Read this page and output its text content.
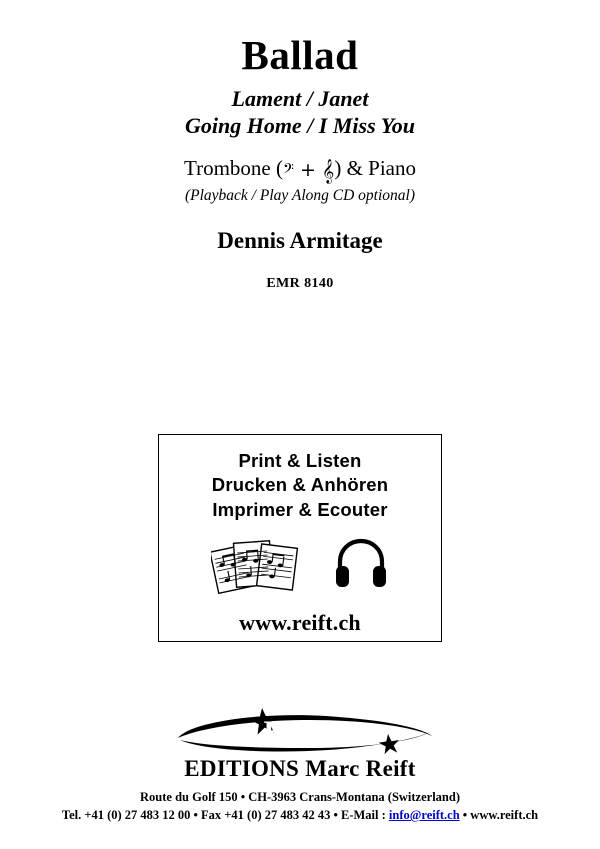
Ballad
Lament / Janet
Going Home / I Miss You
Trombone (𝄢 + 𝄞) & Piano
(Playback / Play Along CD optional)
Dennis Armitage
EMR 8140
Print & Listen
Drucken & Anhören
Imprimer & Ecouter
www.reift.ch
EMR
EDITIONS Marc Reift
Route du Golf 150 • CH-3963 Crans-Montana (Switzerland)
Tel. +41 (0) 27 483 12 00 • Fax +41 (0) 27 483 42 43 • E-Mail : info@reift.ch • www.reift.ch
